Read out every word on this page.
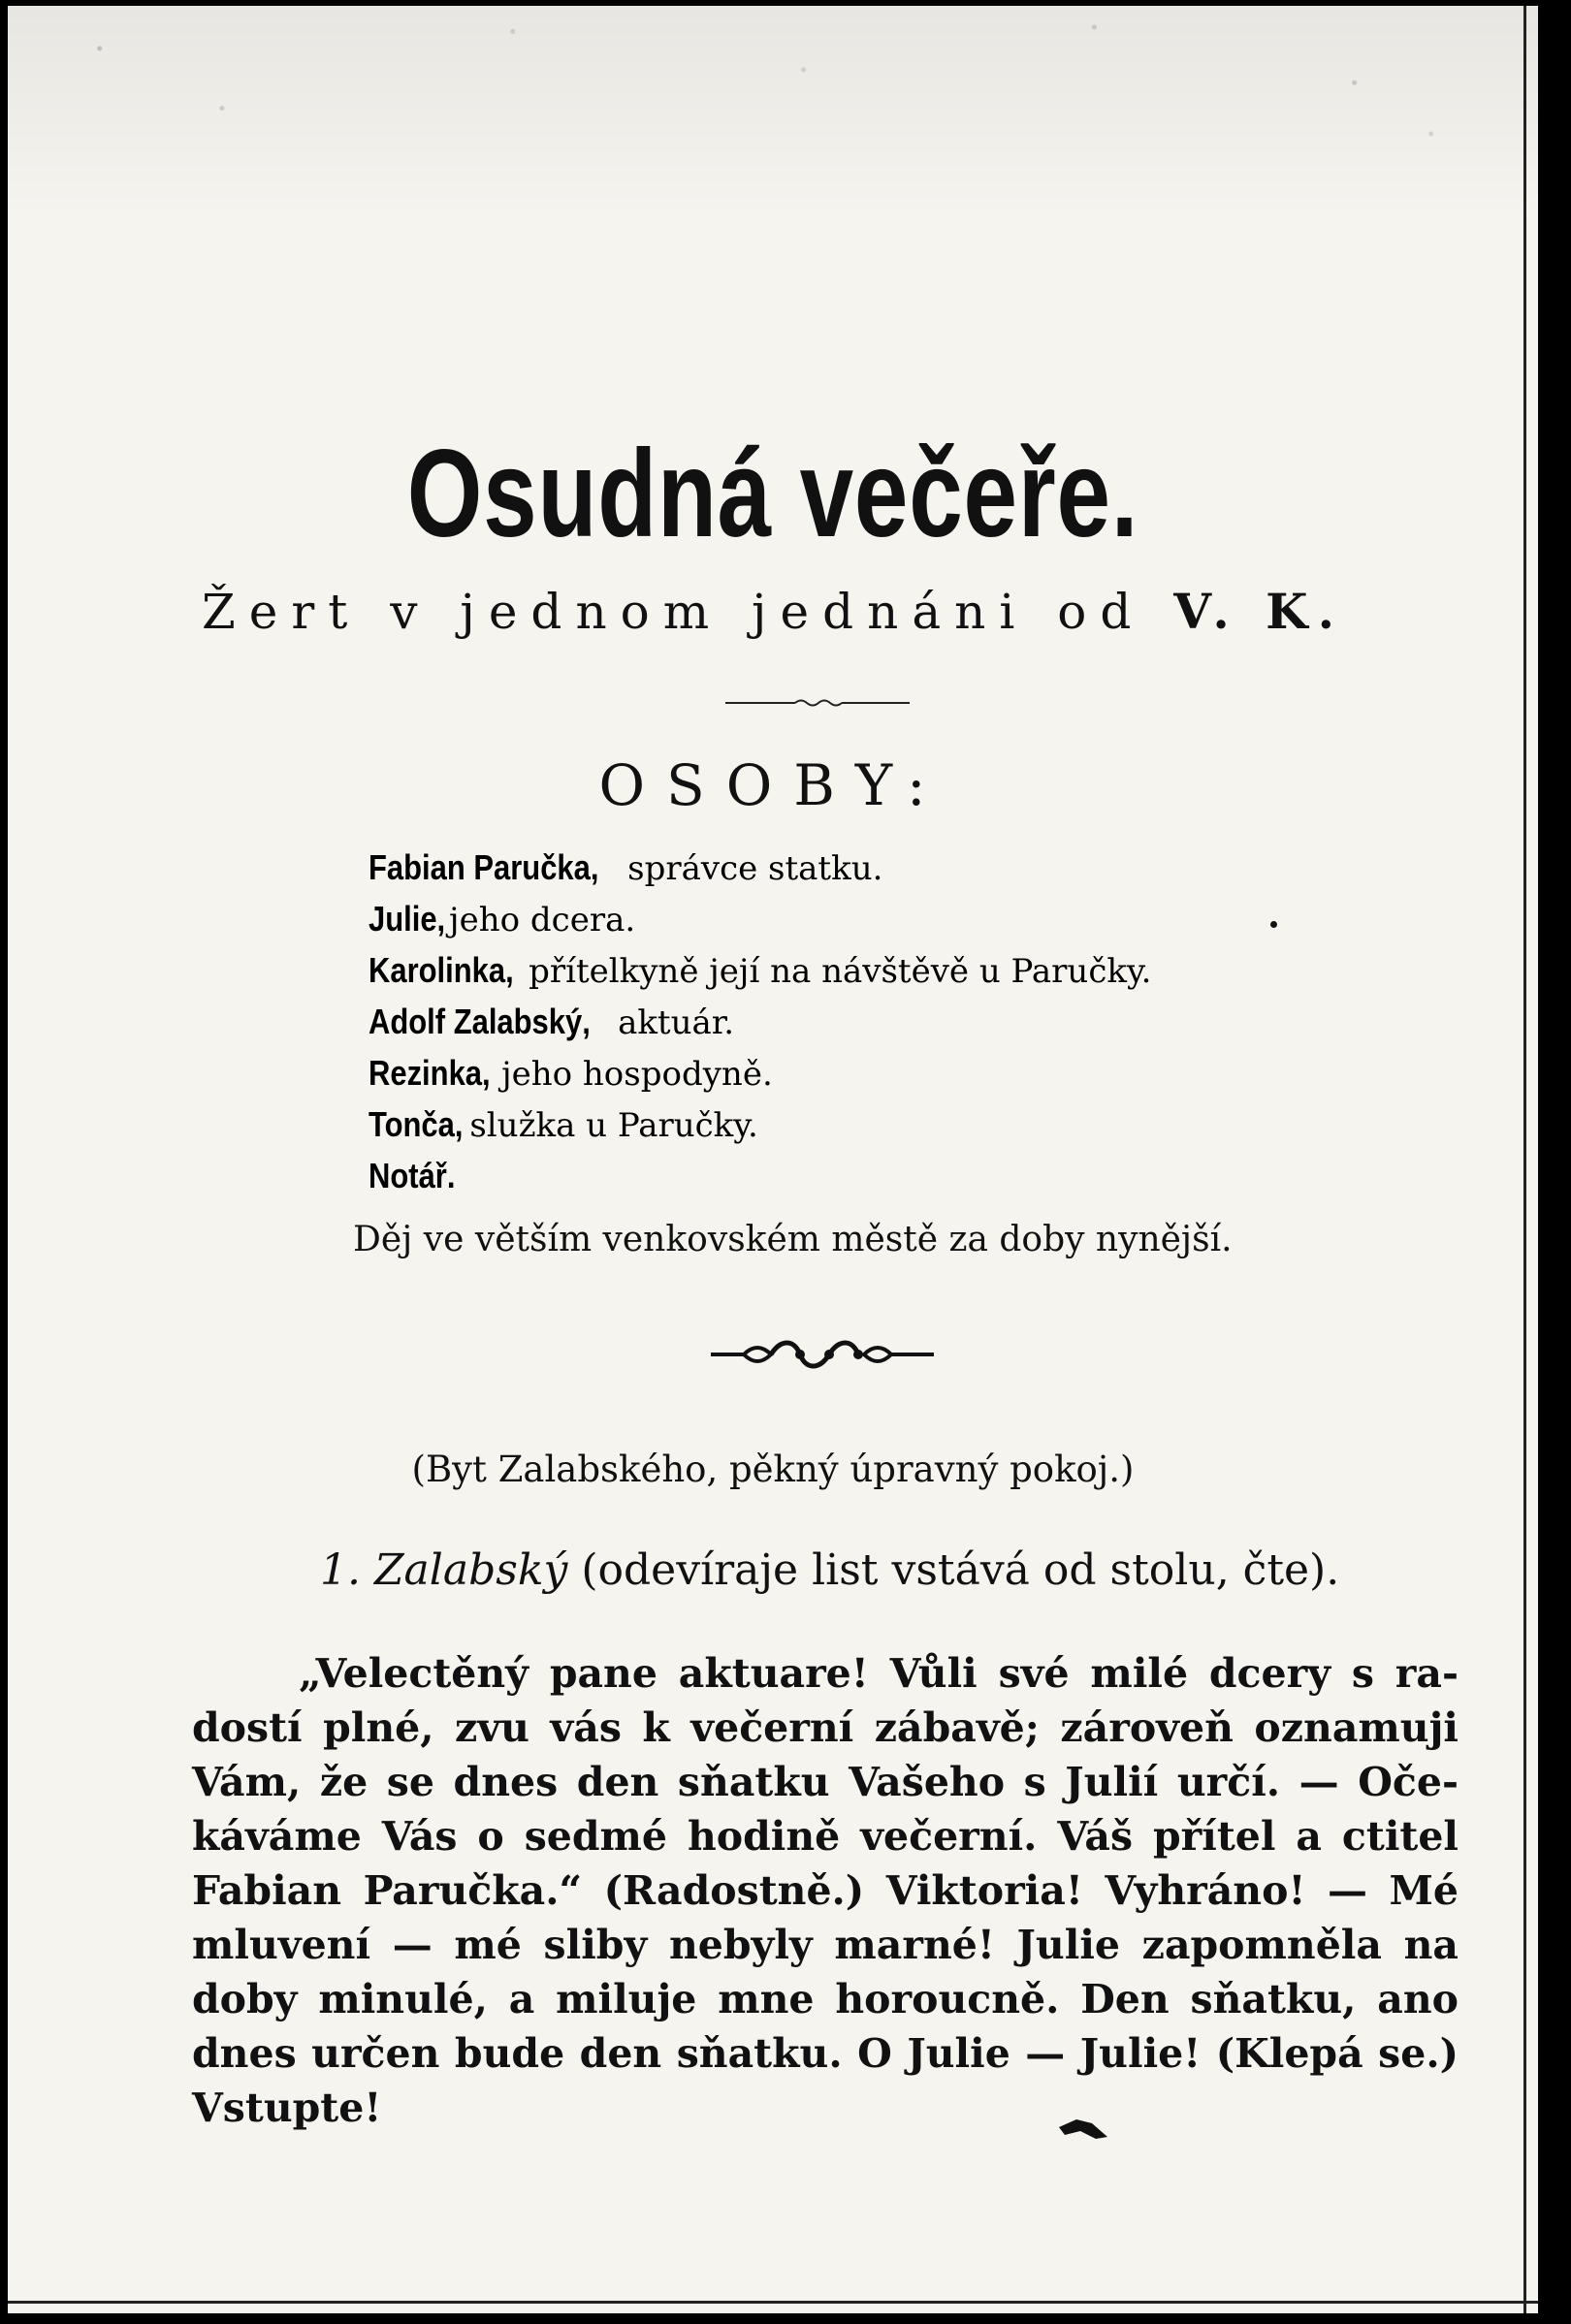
Osudná večeře.
Žert v jednom jednáni od V. K.
OSOBY:
Fabian Paručka, správce statku.
Julie, jeho dcera.
Karolinka, přítelkyně její na návštěvě u Paručky.
Adolf Zalabský, aktuár.
Rezinka, jeho hospodyně.
Tonča, služka u Paručky.
Notář.
Děj ve větším venkovském městě za doby nynější.
(Byt Zalabského, pěkný úpravný pokoj.)
1. Zalabský (odevíraje list vstává od stolu, čte).
„Velectěný pane aktuare! Vůli své milé dcery s ra-
dostí plné, zvu vás k večerní zábavě; zároveň oznamuji
Vám, že se dnes den sňatku Vašeho s Julií určí. — Oče-
káváme Vás o sedmé hodině večerní. Váš přítel a ctitel
Fabian Paručka.“ (Radostně.) Viktoria! Vyhráno! — Mé
mluvení — mé sliby nebyly marné! Julie zapomněla na
doby minulé, a miluje mne horoucně. Den sňatku, ano
dnes určen bude den sňatku. O Julie — Julie! (Klepá se.)
Vstupte!
